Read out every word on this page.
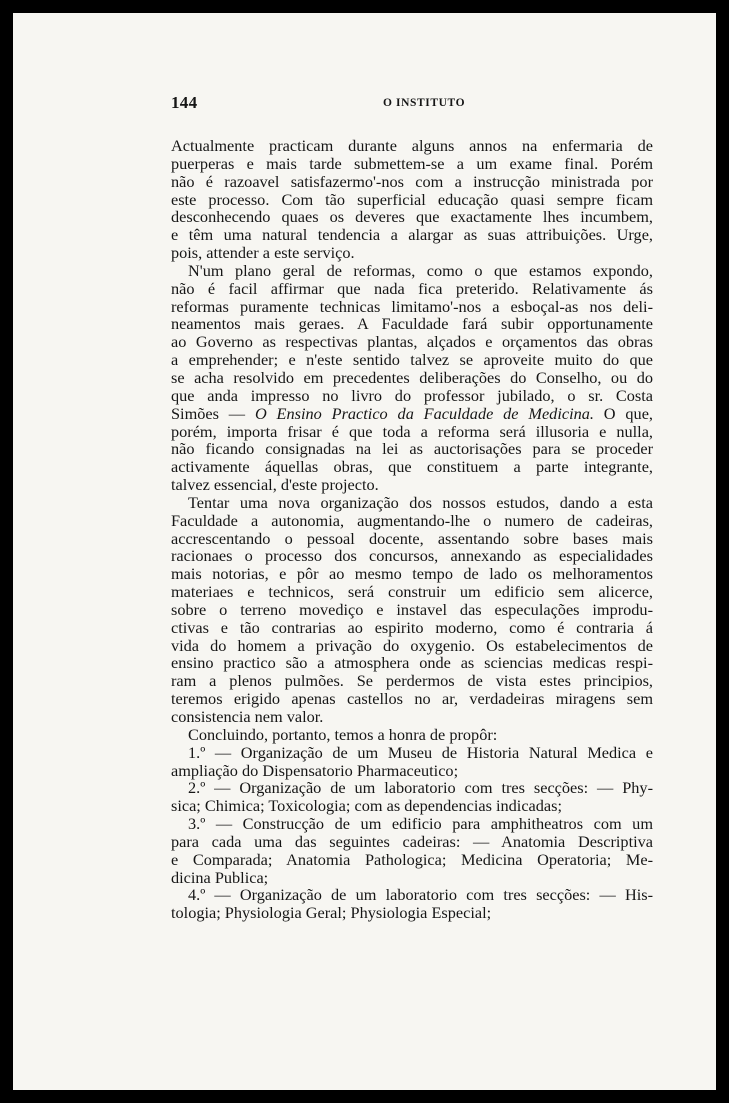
144	O INSTITUTO

Actualmente practicam durante alguns annos na enfermaria de

puerperas e mais tarde submettem-se a um exame final. Porém

não é razoavel satisfazermo'-nos com a instrucção ministrada por

este processo. Com tão superficial educação quasi sempre ficam

desconhecendo quaes os deveres que exactamente lhes incumbem,

e têm uma natural tendencia a alargar as suas attribuições. Urge,

pois, attender a este serviço.

N'um plano geral de reformas, como o que estamos expondo,

não é facil affirmar que nada fica preterido. Relativamente ás

reformas puramente technicas limitamo'-nos a esboçal-as nos deli-

neamentos mais geraes. A Faculdade fará subir opportunamente

ao Governo as respectivas plantas, alçados e orçamentos das obras

a emprehender; e n'este sentido talvez se aproveite muito do que

se acha resolvido em precedentes deliberações do Conselho, ou do

que anda impresso no livro do professor jubilado, o sr. Costa

Simões — O Ensino Practico da Faculdade de Medicina. O que,

porém, importa frisar é que toda a reforma será illusoria e nulla,

não ficando consignadas na lei as auctorisações para se proceder

activamente áquellas obras, que constituem a parte integrante,

talvez essencial, d'este projecto.

Tentar uma nova organização dos nossos estudos, dando a esta

Faculdade a autonomia, augmentando-lhe o numero de cadeiras,

accrescentando o pessoal docente, assentando sobre bases mais

racionaes o processo dos concursos, annexando as especialidades

mais notorias, e pôr ao mesmo tempo de lado os melhoramentos

materiaes e technicos, será construir um edificio sem alicerce,

sobre o terreno movediço e instavel das especulações improdu-

ctivas e tão contrarias ao espirito moderno, como é contraria á

vida do homem a privação do oxygenio. Os estabelecimentos de

ensino practico são a atmosphera onde as sciencias medicas respi-

ram a plenos pulmões. Se perdermos de vista estes principios,

teremos erigido apenas castellos no ar, verdadeiras miragens sem

consistencia nem valor.

Concluindo, portanto, temos a honra de propôr:

1.º — Organização de um Museu de Historia Natural Medica e

ampliação do Dispensatorio Pharmaceutico;

2.º — Organização de um laboratorio com tres secções: — Phy-

sica; Chimica; Toxicologia; com as dependencias indicadas;

3.º — Construcção de um edificio para amphitheatros com um

para cada uma das seguintes cadeiras: — Anatomia Descriptiva

e Comparada; Anatomia Pathologica; Medicina Operatoria; Me-

dicina Publica;

4.º — Organização de um laboratorio com tres secções: — His-

tologia; Physiologia Geral; Physiologia Especial;
